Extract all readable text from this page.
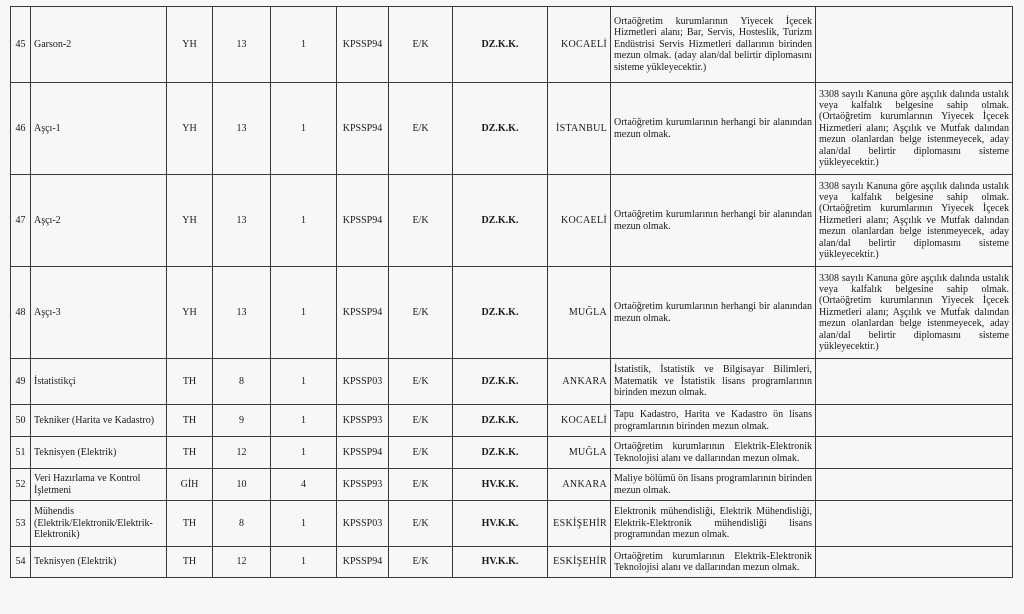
45	Garson-2	YH	13	1	KPSSP94	E/K	DZ.K.K.	KOCAELİ	Ortaöğretim kurumlarının Yiyecek İçecek Hizmetleri alanı; Bar, Servis, Hosteslik, Turizm Endüstrisi Servis Hizmetleri dallarının birinden mezun olmak. (aday alan/dal belirtir diplomasını sisteme yükleyecektir.)	
46	Aşçı-1	YH	13	1	KPSSP94	E/K	DZ.K.K.	İSTANBUL	Ortaöğretim kurumlarının herhangi bir alanından mezun olmak.	3308 sayılı Kanuna göre aşçılık dalında ustalık veya kalfalık belgesine sahip olmak. (Ortaöğretim kurumlarının Yiyecek İçecek Hizmetleri alanı; Aşçılık ve Mutfak dalından mezun olanlardan belge istenmeyecek, aday alan/dal belirtir diplomasını sisteme yükleyecektir.)
47	Aşçı-2	YH	13	1	KPSSP94	E/K	DZ.K.K.	KOCAELİ	Ortaöğretim kurumlarının herhangi bir alanından mezun olmak.	3308 sayılı Kanuna göre aşçılık dalında ustalık veya kalfalık belgesine sahip olmak. (Ortaöğretim kurumlarının Yiyecek İçecek Hizmetleri alanı; Aşçılık ve Mutfak dalından mezun olanlardan belge istenmeyecek, aday alan/dal belirtir diplomasını sisteme yükleyecektir.)
48	Aşçı-3	YH	13	1	KPSSP94	E/K	DZ.K.K.	MUĞLA	Ortaöğretim kurumlarının herhangi bir alanından mezun olmak.	3308 sayılı Kanuna göre aşçılık dalında ustalık veya kalfalık belgesine sahip olmak. (Ortaöğretim kurumlarının Yiyecek İçecek Hizmetleri alanı; Aşçılık ve Mutfak dalından mezun olanlardan belge istenmeyecek, aday alan/dal belirtir diplomasını sisteme yükleyecektir.)
49	İstatistikçi	TH	8	1	KPSSP03	E/K	DZ.K.K.	ANKARA	İstatistik, İstatistik ve Bilgisayar Bilimleri, Matematik ve İstatistik lisans programlarının birinden mezun olmak.	
50	Tekniker (Harita ve Kadastro)	TH	9	1	KPSSP93	E/K	DZ.K.K.	KOCAELİ	Tapu Kadastro, Harita ve Kadastro ön lisans programlarının birinden mezun olmak.	
51	Teknisyen (Elektrik)	TH	12	1	KPSSP94	E/K	DZ.K.K.	MUĞLA	Ortaöğretim kurumlarının Elektrik-Elektronik Teknolojisi alanı ve dallarından mezun olmak.	
52	Veri Hazırlama ve Kontrol İşletmeni	GİH	10	4	KPSSP93	E/K	HV.K.K.	ANKARA	Maliye bölümü ön lisans programlarının birinden mezun olmak.	
53	Mühendis (Elektrik/Elektronik/Elektrik-Elektronik)	TH	8	1	KPSSP03	E/K	HV.K.K.	ESKİŞEHİR	Elektronik mühendisliği, Elektrik Mühendisliği, Elektrik-Elektronik mühendisliği lisans programından mezun olmak.	
54	Teknisyen (Elektrik)	TH	12	1	KPSSP94	E/K	HV.K.K.	ESKİŞEHİR	Ortaöğretim kurumlarının Elektrik-Elektronik Teknolojisi alanı ve dallarından mezun olmak.	
